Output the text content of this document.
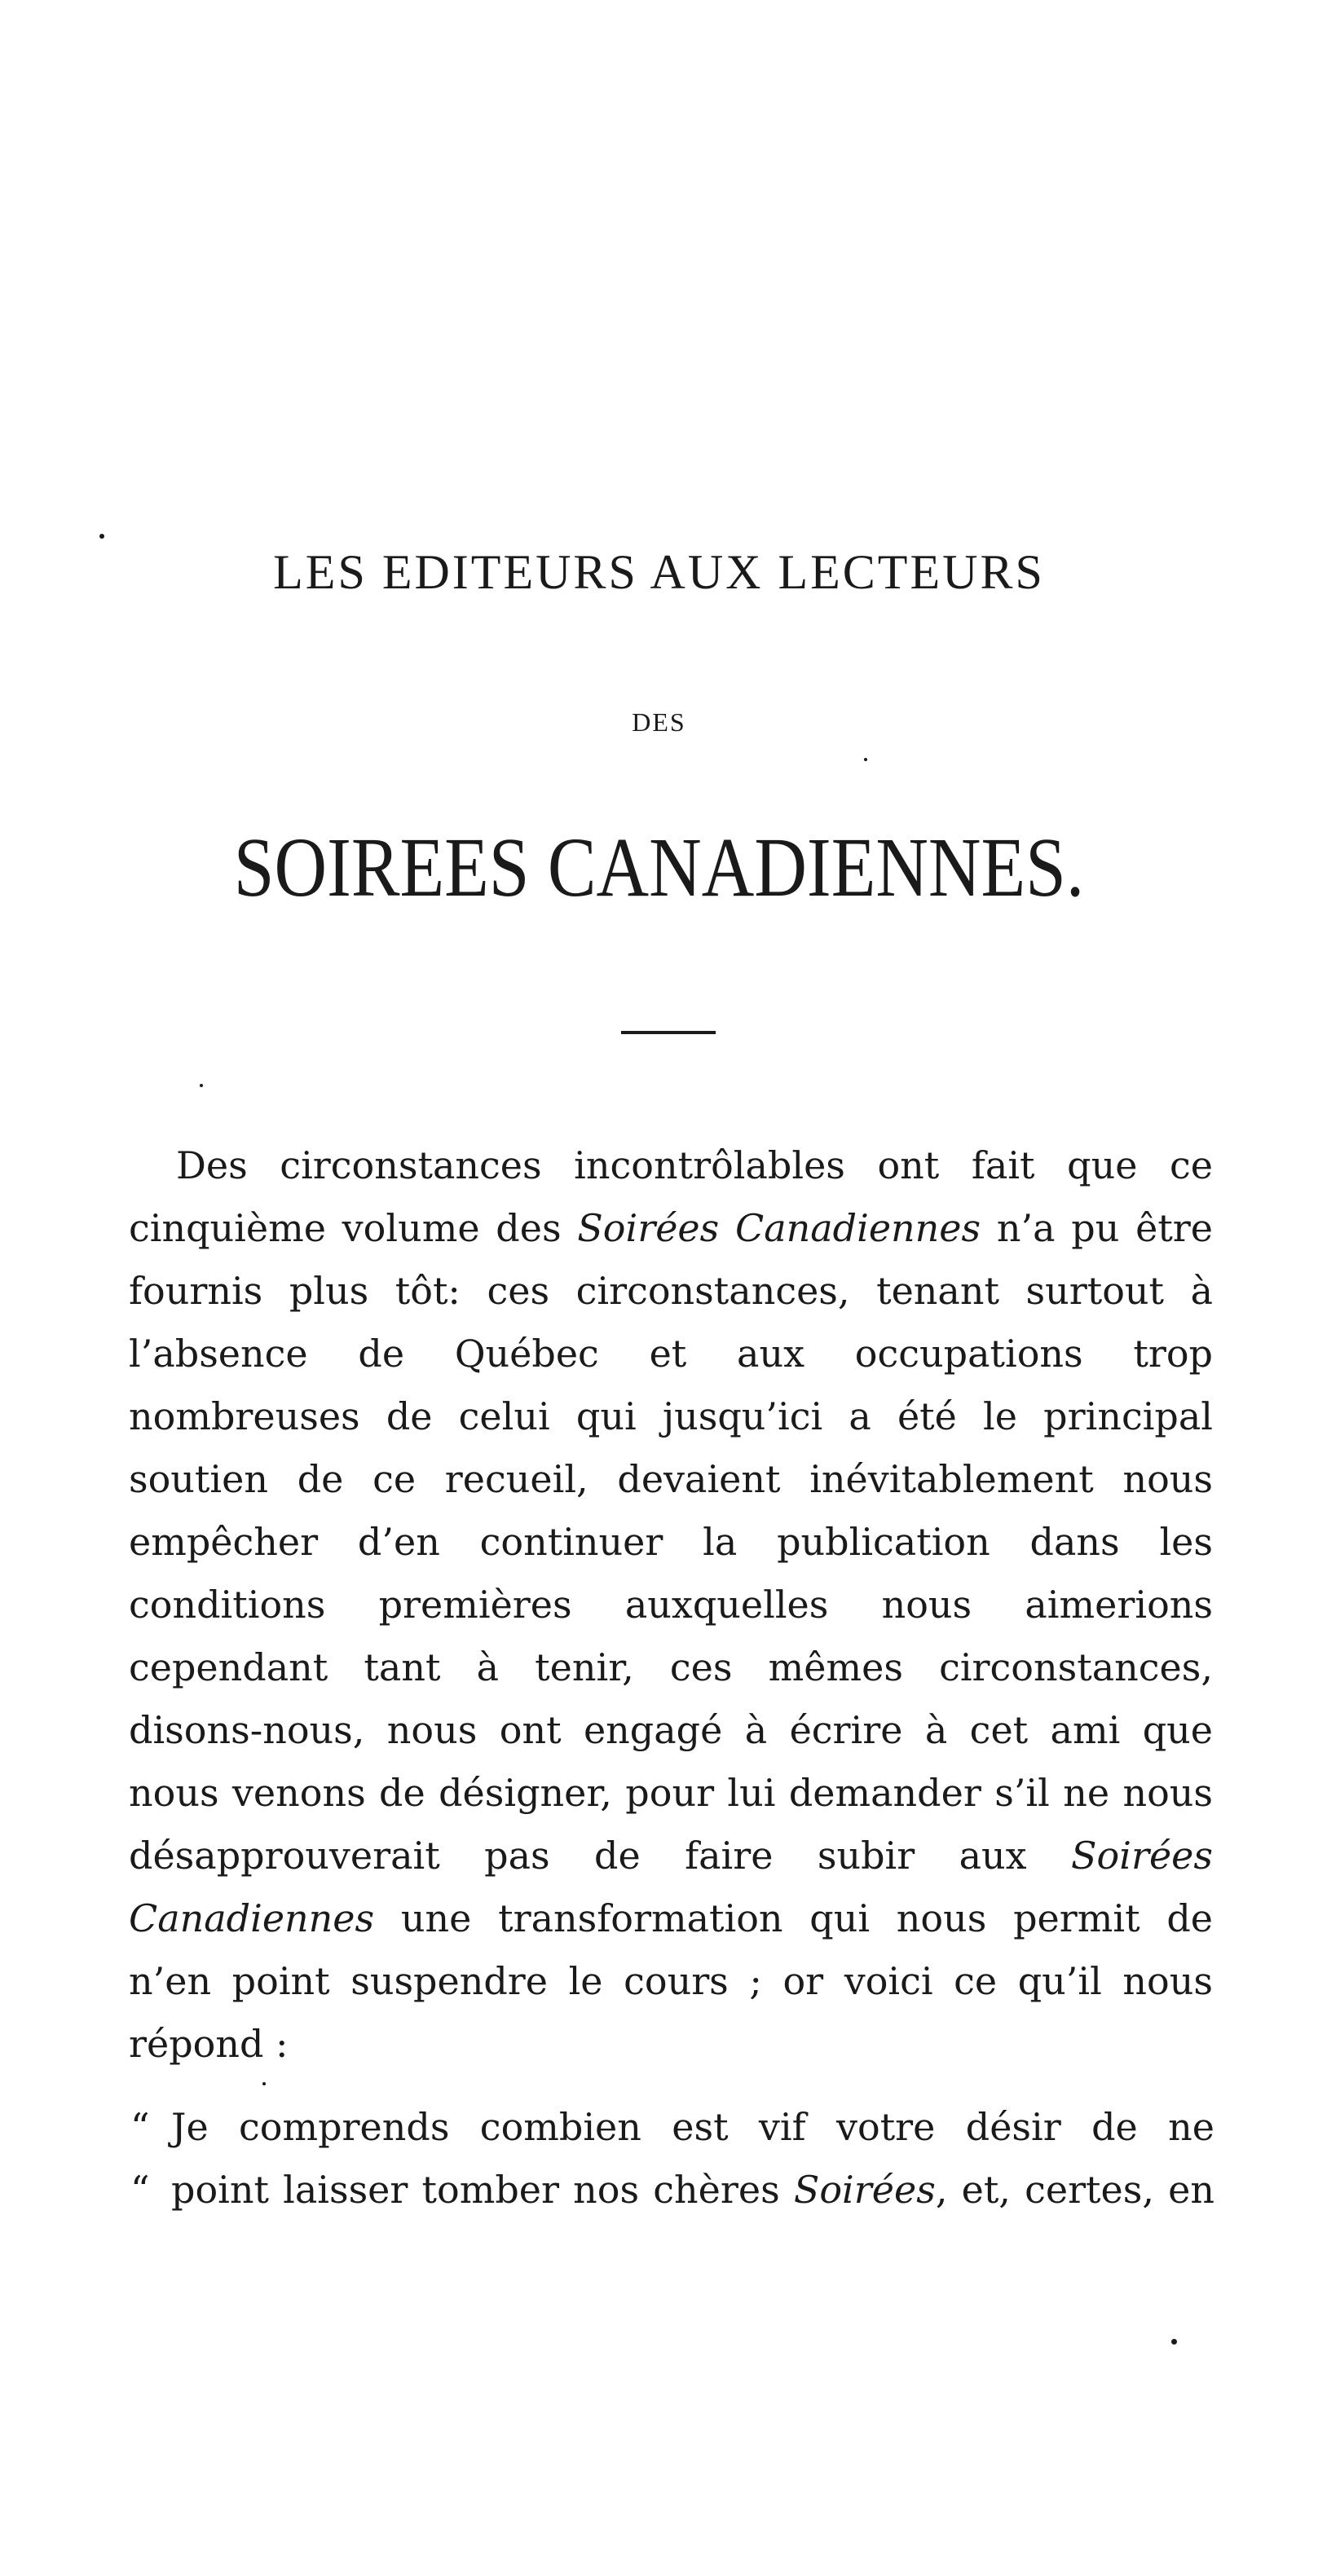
LES EDITEURS AUX LECTEURS
DES
SOIREES CANADIENNES.
Des circonstances incontrôlables ont fait que ce cinquième volume des Soirées Canadiennes n’a pu être fournis plus tôt: ces circonstances, tenant surtout à l’absence de Québec et aux occupations trop nombreuses de celui qui jusqu’ici a été le principal soutien de ce recueil, devaient inévitablement nous empêcher d’en continuer la publication dans les conditions premières auxquelles nous aimerions cependant tant à tenir, ces mêmes circonstances, disons-nous, nous ont engagé à écrire à cet ami que nous venons de désigner, pour lui demander s’il ne nous désapprouverait pas de faire subir aux Soirées Canadiennes une transformation qui nous permit de n’en point suspendre le cours ; or voici ce qu’il nous répond :
“ Je comprends combien est vif votre désir de ne
“ point laisser tomber nos chères Soirées, et, certes, en
